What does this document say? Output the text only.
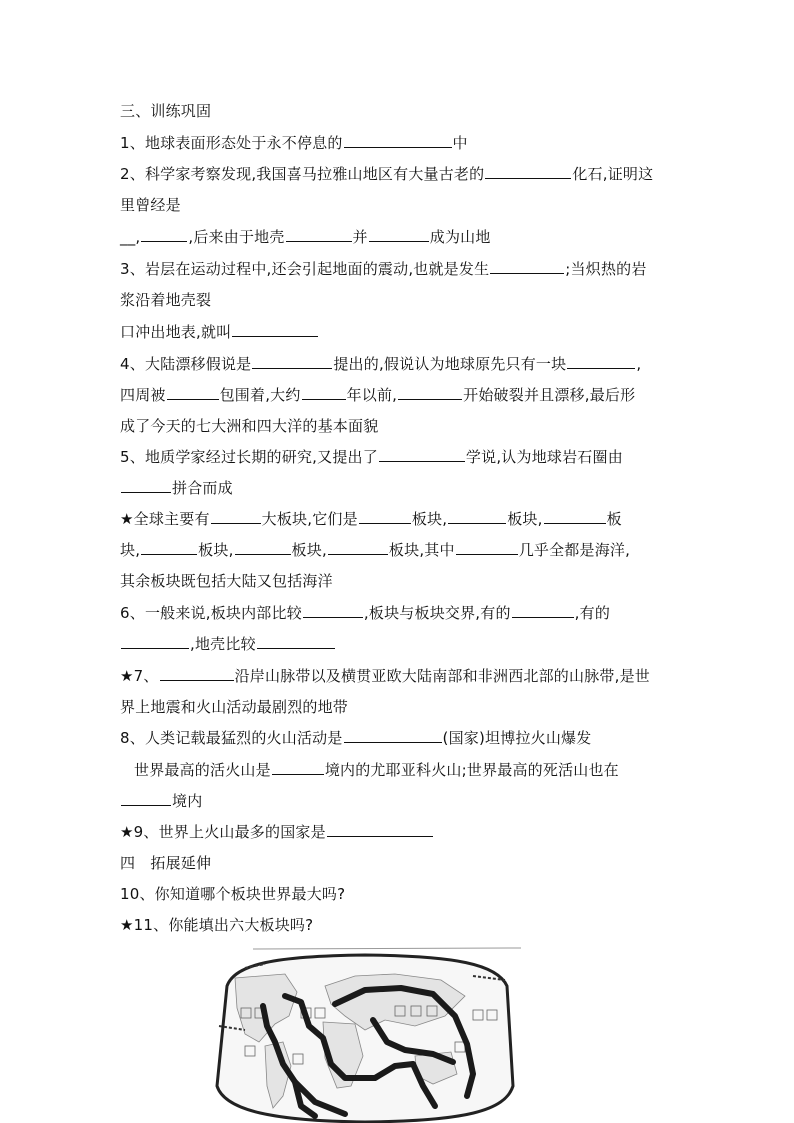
三、训练巩固
1、地球表面形态处于永不停息的	中
2、科学家考察发现,我国喜马拉雅山地区有大量古老的	化石,证明这
里曾经是
__,	,后来由于地壳	并	成为山地
3、岩层在运动过程中,还会引起地面的震动,也就是发生	;当炽热的岩
浆沿着地壳裂
口冲出地表,就叫
4、大陆漂移假说是	提出的,假说认为地球原先只有一块	,
四周被	包围着,大约	年以前,	开始破裂并且漂移,最后形
成了今天的七大洲和四大洋的基本面貌
5、地质学家经过长期的研究,又提出了	学说,认为地球岩石圈由
拼合而成
★全球主要有	大板块,它们是	板块,	板块,	板
块,	板块,	板块,	板块,其中	几乎全都是海洋,
其余板块既包括大陆又包括海洋
6、一般来说,板块内部比较	,板块与板块交界,有的	,有的
,地壳比较
★7、	沿岸山脉带以及横贯亚欧大陆南部和非洲西北部的山脉带,是世
界上地震和火山活动最剧烈的地带
8、人类记载最猛烈的火山活动是	(国家)坦博拉火山爆发
世界最高的活火山是	境内的尤耶亚科火山;世界最高的死活山也在
境内
★9、世界上火山最多的国家是
四　拓展延伸
10、你知道哪个板块世界最大吗?
★11、你能填出六大板块吗?
